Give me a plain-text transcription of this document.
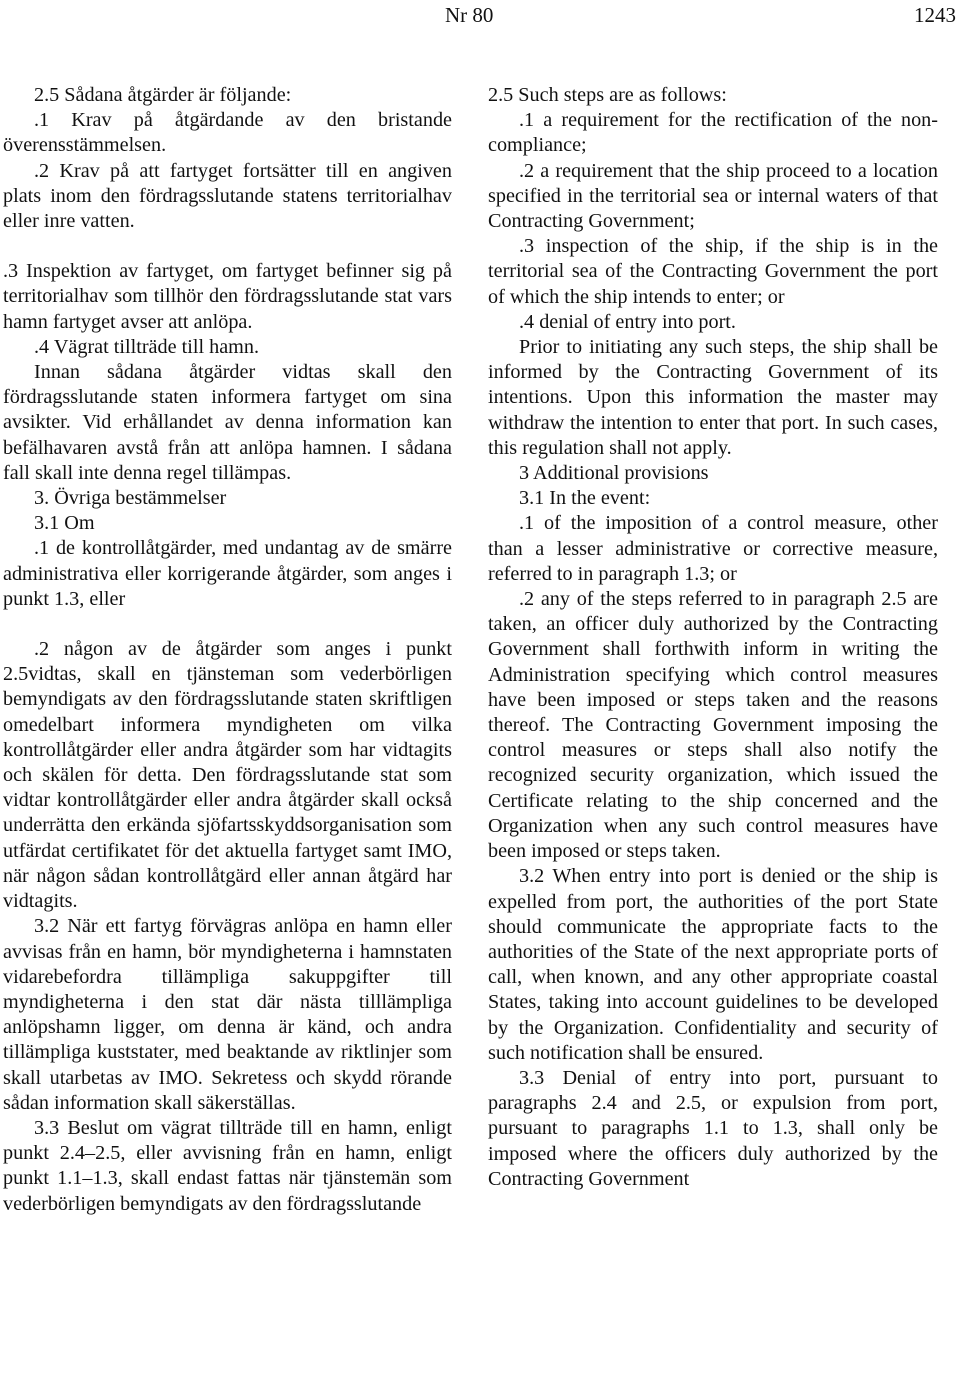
Nr 80	1243

2.5 Sådana åtgärder är följande:

.1 Krav på åtgärdande av den bristande överensstämmelsen.

.2 Krav på att fartyget fortsätter till en angiven plats inom den fördragsslutande statens territorialhav eller inre vatten.

.3 Inspektion av fartyget, om fartyget befinner sig på territorialhav som tillhör den fördragsslutande stat vars hamn fartyget avser att anlöpa.

.4 Vägrat tillträde till hamn.

Innan sådana åtgärder vidtas skall den fördragsslutande staten informera fartyget om sina avsikter. Vid erhållandet av denna information kan befälhavaren avstå från att anlöpa hamnen. I sådana fall skall inte denna regel tillämpas.

3. Övriga bestämmelser

3.1 Om

.1 de kontrollåtgärder, med undantag av de smärre administrativa eller korrigerande åtgärder, som anges i punkt 1.3, eller

.2 någon av de åtgärder som anges i punkt 2.5vidtas, skall en tjänsteman som vederbörligen bemyndigats av den fördragsslutande staten skriftligen omedelbart informera myndigheten om vilka kontrollåtgärder eller andra åtgärder som har vidtagits och skälen för detta. Den fördragsslutande stat som vidtar kontrollåtgärder eller andra åtgärder skall också underrätta den erkända sjöfartsskyddsorganisation som utfärdat certifikatet för det aktuella fartyget samt IMO, när någon sådan kontrollåtgärd eller annan åtgärd har vidtagits.

3.2 När ett fartyg förvägras anlöpa en hamn eller avvisas från en hamn, bör myndigheterna i hamnstaten vidarebefordra tillämpliga sakuppgifter till myndigheterna i den stat där nästa tilllämpliga anlöpshamn ligger, om denna är känd, och andra tillämpliga kuststater, med beaktande av riktlinjer som skall utarbetas av IMO. Sekretess och skydd rörande sådan information skall säkerställas.

3.3 Beslut om vägrat tillträde till en hamn, enligt punkt 2.4–2.5, eller avvisning från en hamn, enligt punkt 1.1–1.3, skall endast fattas när tjänstemän som vederbörligen bemyndigats av den fördragsslutande

2.5 Such steps are as follows:

.1 a requirement for the rectification of the non-compliance;

.2 a requirement that the ship proceed to a location specified in the territorial sea or internal waters of that Contracting Government;

.3 inspection of the ship, if the ship is in the territorial sea of the Contracting Government the port of which the ship intends to enter; or

.4 denial of entry into port.

Prior to initiating any such steps, the ship shall be informed by the Contracting Government of its intentions. Upon this information the master may withdraw the intention to enter that port. In such cases, this regulation shall not apply.

3 Additional provisions

3.1 In the event:

.1 of the imposition of a control measure, other than a lesser administrative or corrective measure, referred to in paragraph 1.3; or

.2 any of the steps referred to in paragraph 2.5 are taken, an officer duly authorized by the Contracting Government shall forthwith inform in writing the Administration specifying which control measures have been imposed or steps taken and the reasons thereof. The Contracting Government imposing the control measures or steps shall also notify the recognized security organization, which issued the Certificate relating to the ship concerned and the Organization when any such control measures have been imposed or steps taken.

3.2 When entry into port is denied or the ship is expelled from port, the authorities of the port State should communicate the appropriate facts to the authorities of the State of the next appropriate ports of call, when known, and any other appropriate coastal States, taking into account guidelines to be developed by the Organization. Confidentiality and security of such notification shall be ensured.

3.3 Denial of entry into port, pursuant to paragraphs 2.4 and 2.5, or expulsion from port, pursuant to paragraphs 1.1 to 1.3, shall only be imposed where the officers duly authorized by the Contracting Government
